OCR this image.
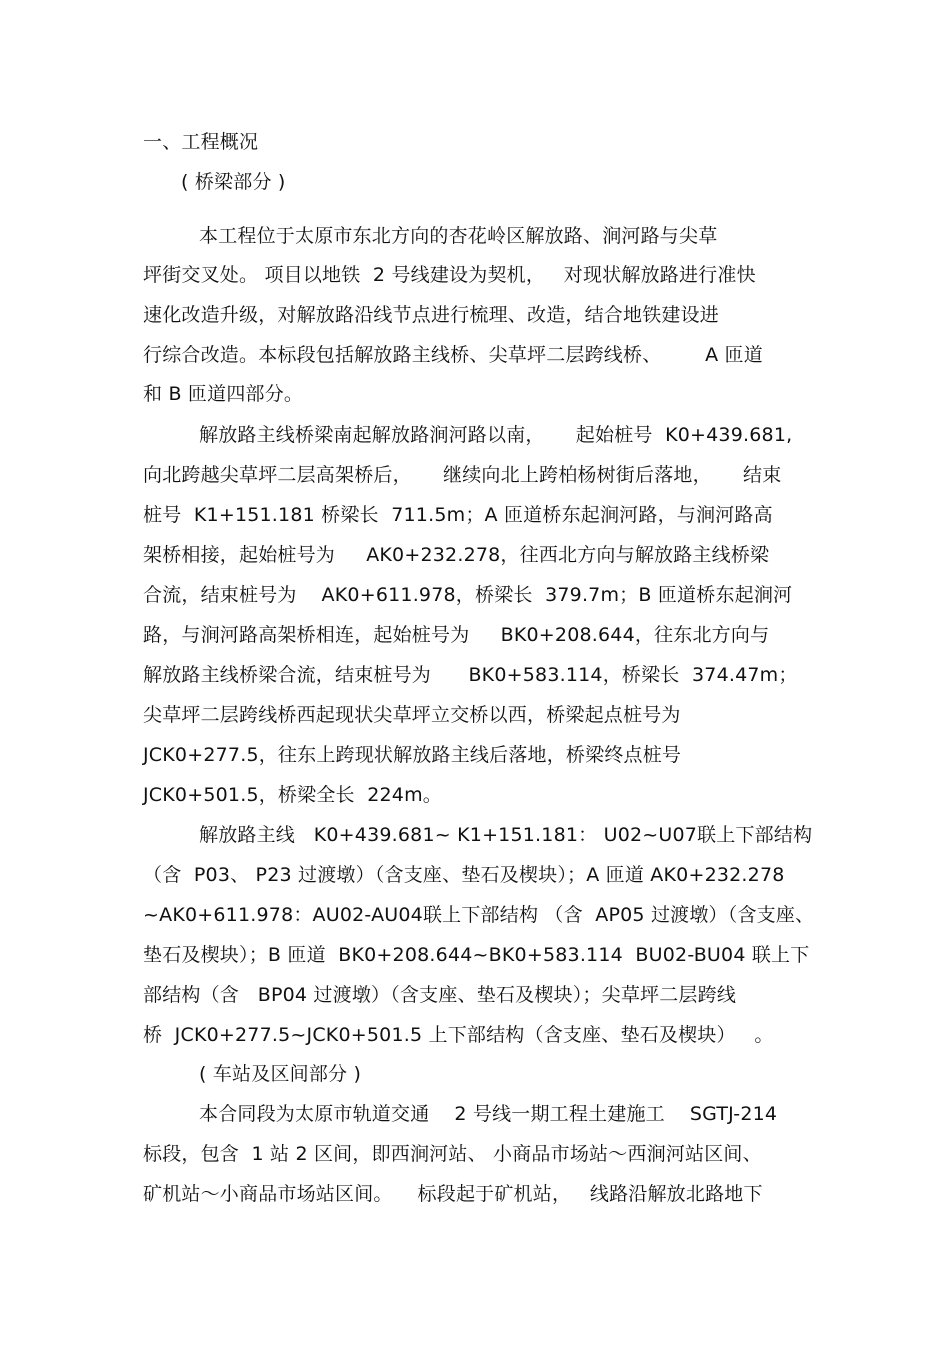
一、工程概况
( 桥梁部分 )
本工程位于太原市东北方向的杏花岭区解放路、涧河路与尖草
坪街交叉处。 项目以地铁  2 号线建设为契机，   对现状解放路进行准快
速化改造升级，对解放路沿线节点进行梳理、改造，结合地铁建设进
行综合改造。本标段包括解放路主线桥、尖草坪二层跨线桥、       A 匝道
和 B 匝道四部分。
解放路主线桥梁南起解放路涧河路以南，     起始桩号  K0+439.681,
向北跨越尖草坪二层高架桥后，     继续向北上跨柏杨树街后落地，     结束
桩号  K1+151.181 桥梁长  711.5m；A 匝道桥东起涧河路，与涧河路高
架桥相接，起始桩号为     AK0+232.278，往西北方向与解放路主线桥梁
合流，结束桩号为    AK0+611.978，桥梁长  379.7m；B 匝道桥东起涧河
路，与涧河路高架桥相连，起始桩号为     BK0+208.644，往东北方向与
解放路主线桥梁合流，结束桩号为      BK0+583.114，桥梁长  374.47m；
尖草坪二层跨线桥西起现状尖草坪立交桥以西，桥梁起点桩号为
JCK0+277.5，往东上跨现状解放路主线后落地，桥梁终点桩号
JCK0+501.5，桥梁全长  224m。
解放路主线   K0+439.681~ K1+151.181： U02~U07联上下部结构
（含  P03、 P23 过渡墩）（含支座、垫石及楔块）；A 匝道 AK0+232.278
~AK0+611.978：AU02-AU04联上下部结构 （含  AP05 过渡墩）（含支座、
垫石及楔块）；B 匝道  BK0+208.644~BK0+583.114  BU02-BU04 联上下
部结构（含   BP04 过渡墩）（含支座、垫石及楔块）；尖草坪二层跨线
桥  JCK0+277.5~JCK0+501.5 上下部结构（含支座、垫石及楔块）   。
( 车站及区间部分 )
本合同段为太原市轨道交通    2 号线一期工程土建施工    SGTJ-214
标段，包含  1 站 2 区间，即西涧河站、 小商品市场站～西涧河站区间、
矿机站～小商品市场站区间。    标段起于矿机站，   线路沿解放北路地下
